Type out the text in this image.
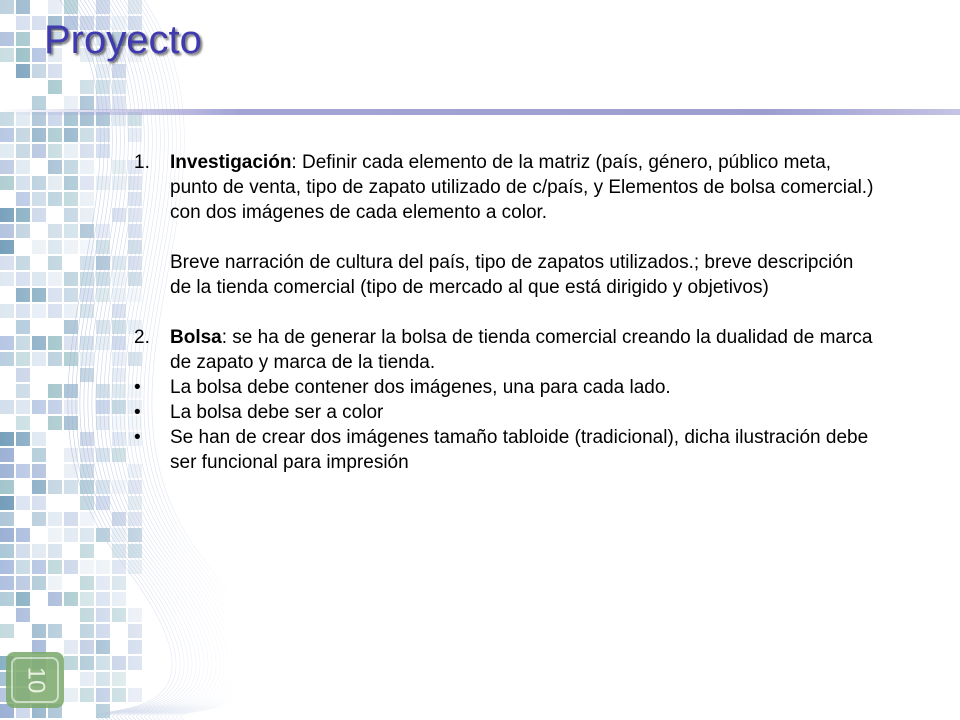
10
Proyecto
1. Investigación: Definir cada elemento de la matriz (país, género, público meta, punto de venta, tipo de zapato utilizado de c/país, y Elementos de bolsa comercial.) con dos imágenes de cada elemento a color.
Breve narración de cultura del país, tipo de zapatos utilizados.; breve descripción de la tienda comercial (tipo de mercado al que está dirigido y objetivos)
2. Bolsa: se ha de generar la bolsa de tienda comercial creando la dualidad de marca de zapato y marca de la tienda.
• La bolsa debe contener dos imágenes, una para cada lado.
• La bolsa debe ser a color
• Se han de crear dos imágenes tamaño tabloide (tradicional), dicha ilustración debe ser funcional para impresión
